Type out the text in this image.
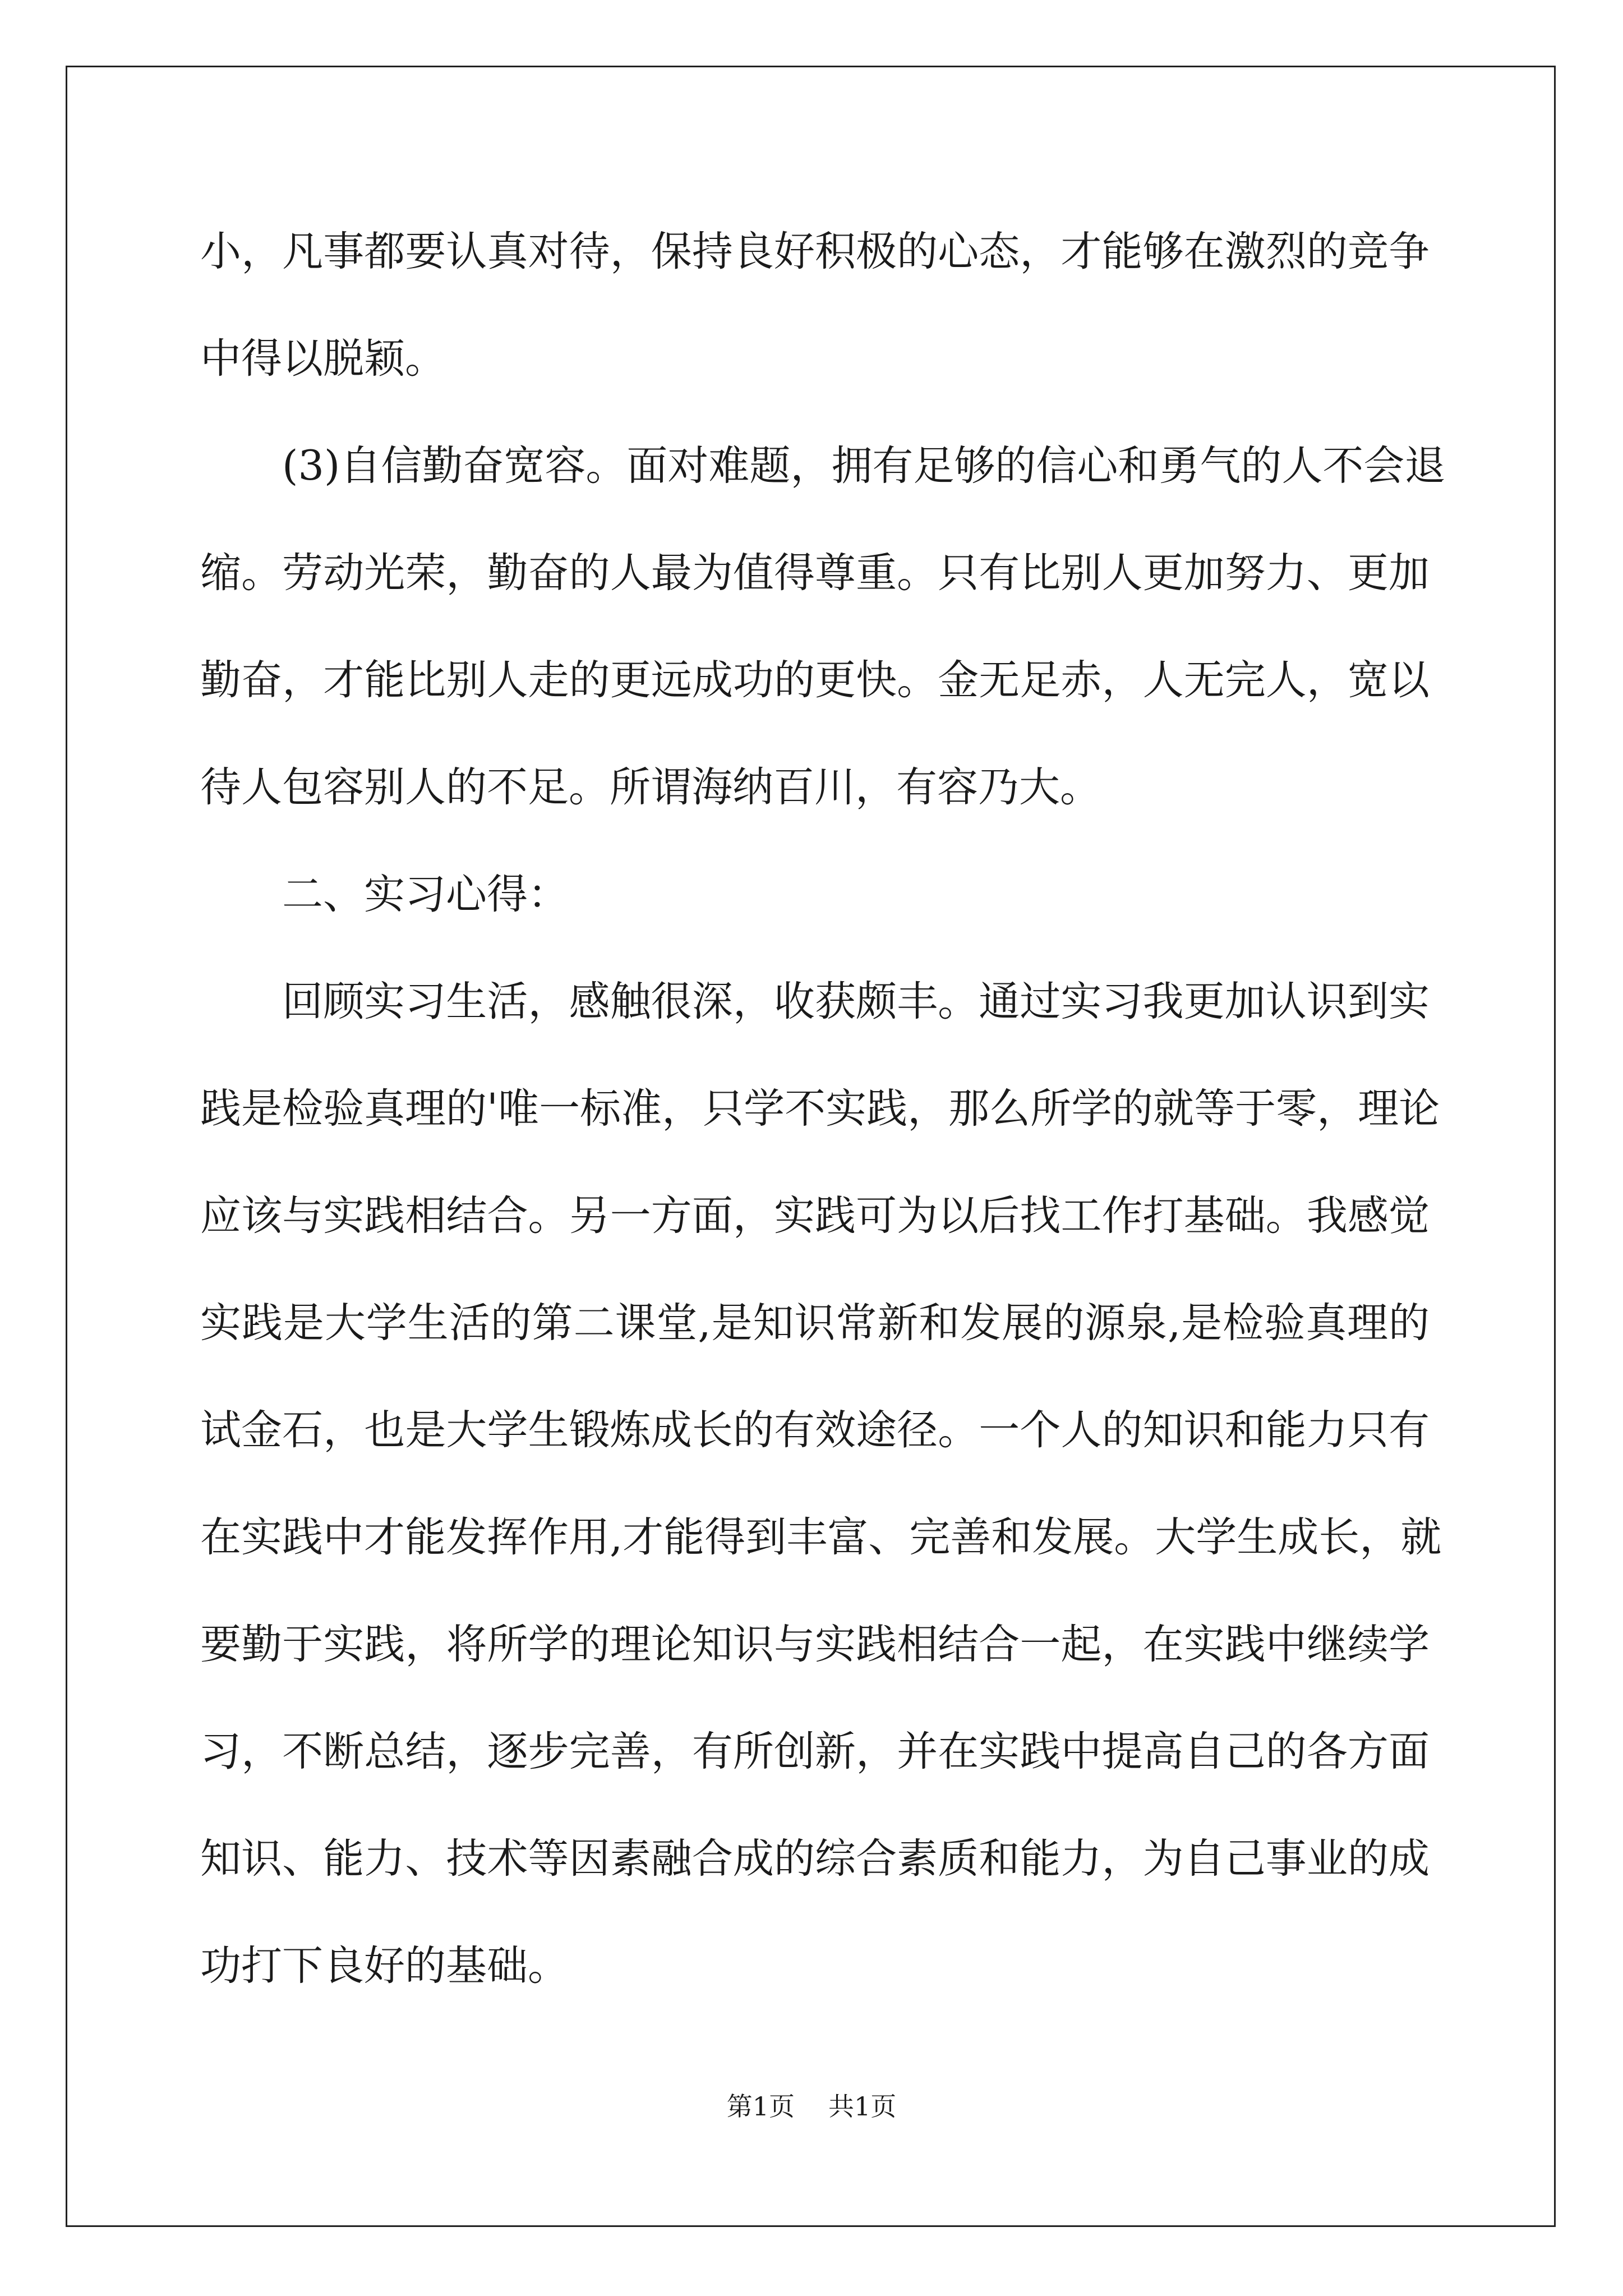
小，凡事都要认真对待，保持良好积极的心态，才能够在激烈的竞争
中得以脱颖。
(3)自信勤奋宽容。面对难题，拥有足够的信心和勇气的人不会退
缩。劳动光荣，勤奋的人最为值得尊重。只有比别人更加努力、更加
勤奋，才能比别人走的更远成功的更快。金无足赤，人无完人，宽以
待人包容别人的不足。所谓海纳百川，有容乃大。
二、实习心得：
回顾实习生活，感触很深，收获颇丰。通过实习我更加认识到实
践是检验真理的'唯一标准，只学不实践，那么所学的就等于零，理论
应该与实践相结合。另一方面，实践可为以后找工作打基础。我感觉
实践是大学生活的第二课堂,是知识常新和发展的源泉,是检验真理的
试金石，也是大学生锻炼成长的有效途径。一个人的知识和能力只有
在实践中才能发挥作用,才能得到丰富、完善和发展。大学生成长，就
要勤于实践，将所学的理论知识与实践相结合一起，在实践中继续学
习，不断总结，逐步完善，有所创新，并在实践中提高自己的各方面
知识、能力、技术等因素融合成的综合素质和能力，为自己事业的成
功打下良好的基础。
第1页 共1页
